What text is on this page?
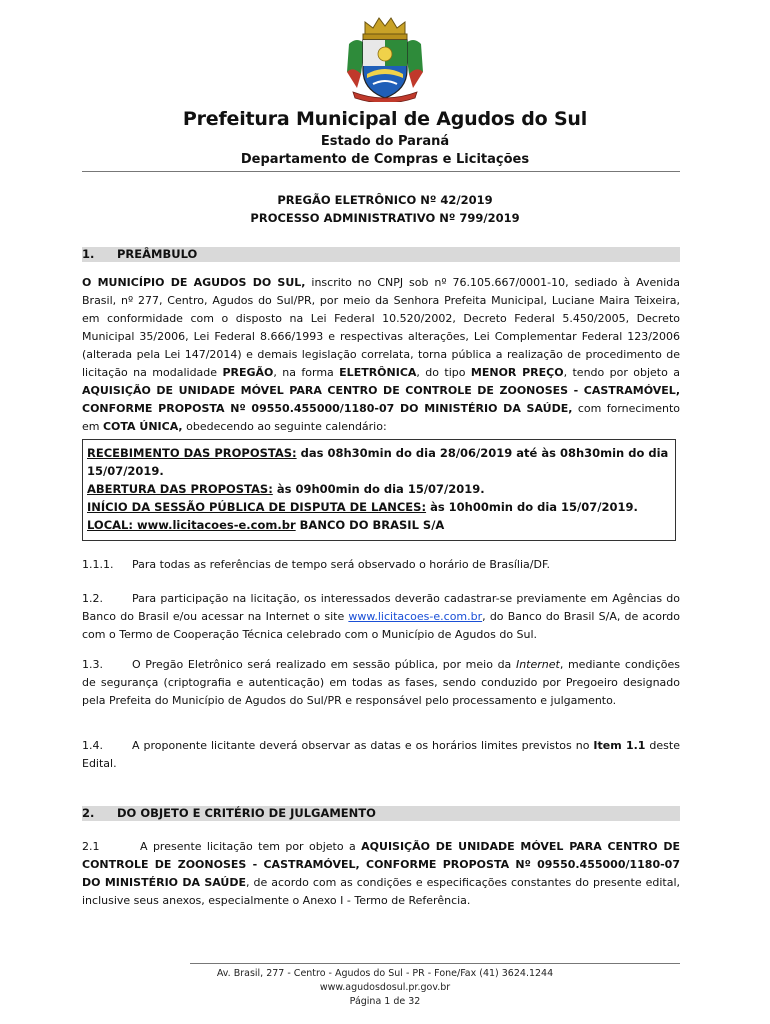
Prefeitura Municipal de Agudos do Sul
Estado do Paraná
Departamento de Compras e Licitações
PREGÃO ELETRÔNICO Nº 42/2019
PROCESSO ADMINISTRATIVO Nº 799/2019
1. PREÂMBULO
O MUNICÍPIO DE AGUDOS DO SUL, inscrito no CNPJ sob nº 76.105.667/0001-10, sediado à Avenida Brasil, nº 277, Centro, Agudos do Sul/PR, por meio da Senhora Prefeita Municipal, Luciane Maira Teixeira, em conformidade com o disposto na Lei Federal 10.520/2002, Decreto Federal 5.450/2005, Decreto Municipal 35/2006, Lei Federal 8.666/1993 e respectivas alterações, Lei Complementar Federal 123/2006 (alterada pela Lei 147/2014) e demais legislação correlata, torna pública a realização de procedimento de licitação na modalidade PREGÃO, na forma ELETRÔNICA, do tipo MENOR PREÇO, tendo por objeto a AQUISIÇÃO DE UNIDADE MÓVEL PARA CENTRO DE CONTROLE DE ZOONOSES - CASTRAMÓVEL, CONFORME PROPOSTA Nº 09550.455000/1180-07 DO MINISTÉRIO DA SAÚDE, com fornecimento em COTA ÚNICA, obedecendo ao seguinte calendário:
RECEBIMENTO DAS PROPOSTAS: das 08h30min do dia 28/06/2019 até às 08h30min do dia 15/07/2019.
ABERTURA DAS PROPOSTAS: às 09h00min do dia 15/07/2019.
INÍCIO DA SESSÃO PÚBLICA DE DISPUTA DE LANCES: às 10h00min do dia 15/07/2019.
LOCAL: www.licitacoes-e.com.br BANCO DO BRASIL S/A
1.1.1. Para todas as referências de tempo será observado o horário de Brasília/DF.
1.2.	Para participação na licitação, os interessados deverão cadastrar-se previamente em Agências do Banco do Brasil e/ou acessar na Internet o site www.licitacoes-e.com.br, do Banco do Brasil S/A, de acordo com o Termo de Cooperação Técnica celebrado com o Município de Agudos do Sul.
1.3.	O Pregão Eletrônico será realizado em sessão pública, por meio da Internet, mediante condições de segurança (criptografia e autenticação) em todas as fases, sendo conduzido por Pregoeiro designado pela Prefeita do Município de Agudos do Sul/PR e responsável pelo processamento e julgamento.
1.4.	A proponente licitante deverá observar as datas e os horários limites previstos no Item 1.1 deste Edital.
2. DO OBJETO E CRITÉRIO DE JULGAMENTO
2.1	A presente licitação tem por objeto a AQUISIÇÃO DE UNIDADE MÓVEL PARA CENTRO DE CONTROLE DE ZOONOSES - CASTRAMÓVEL, CONFORME PROPOSTA Nº 09550.455000/1180-07 DO MINISTÉRIO DA SAÚDE, de acordo com as condições e especificações constantes do presente edital, inclusive seus anexos, especialmente o Anexo I - Termo de Referência.
Av. Brasil, 277 - Centro - Agudos do Sul - PR - Fone/Fax (41) 3624.1244
www.agudosdosul.pr.gov.br
Página 1 de 32
